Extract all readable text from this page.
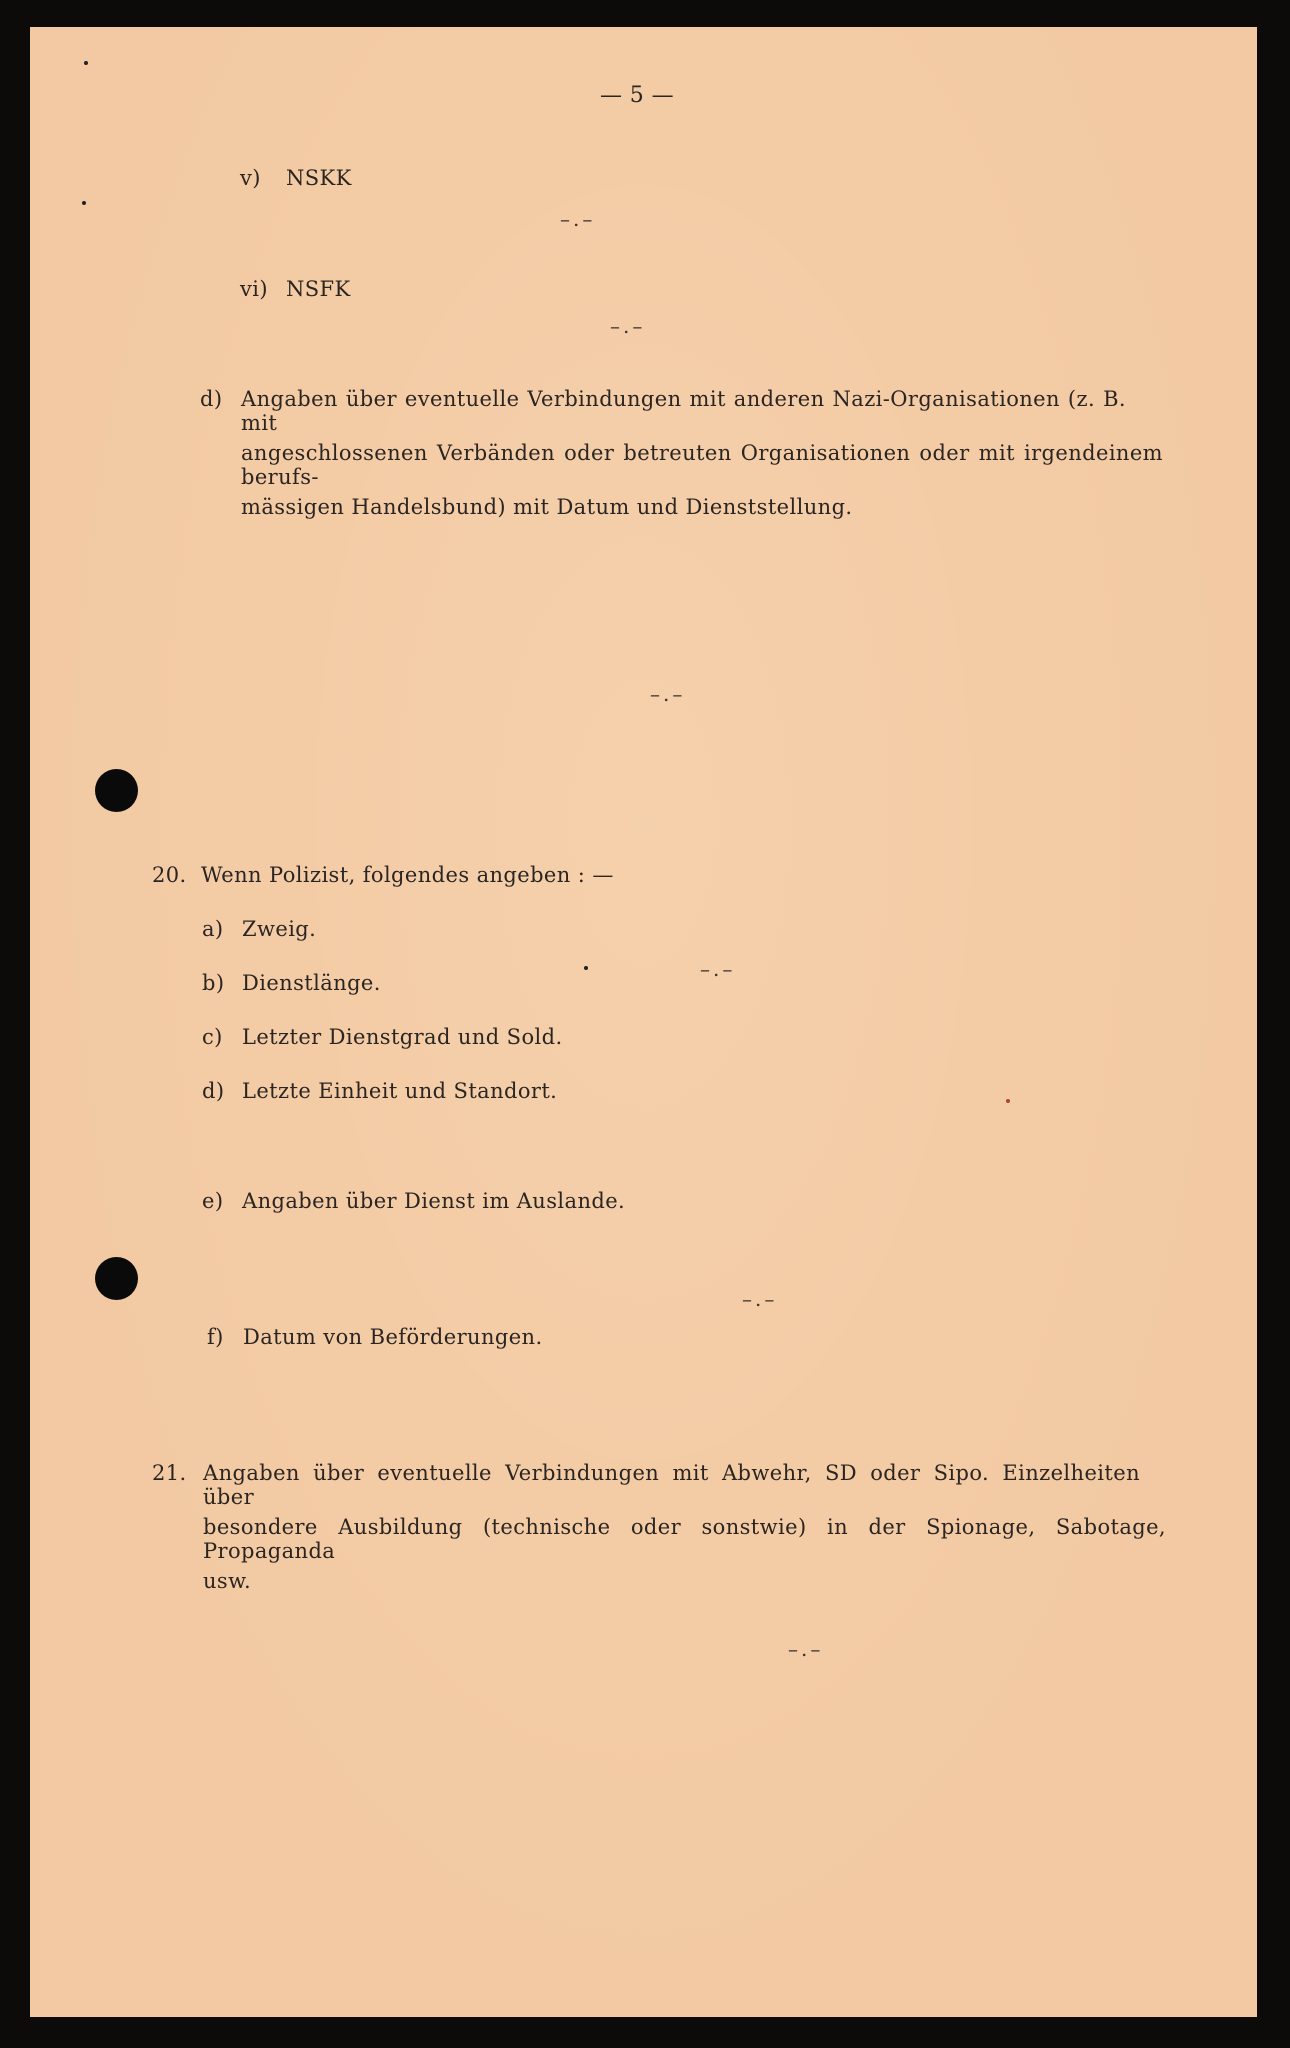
— 5 —
v) NSKK
–.–
vi) NSFK
–.–
d) Angaben über eventuelle Verbindungen mit anderen Nazi-Organisationen (z. B. mit
angeschlossenen Verbänden oder betreuten Organisationen oder mit irgendeinem berufs-
mässigen Handelsbund) mit Datum und Dienststellung.
–.–
20. Wenn Polizist, folgendes angeben : —
a) Zweig.
b) Dienstlänge.
–.–
c) Letzter Dienstgrad und Sold.
d) Letzte Einheit und Standort.
e) Angaben über Dienst im Auslande.
–.–
f) Datum von Beförderungen.
21. Angaben über eventuelle Verbindungen mit Abwehr, SD oder Sipo. Einzelheiten über
besondere Ausbildung (technische oder sonstwie) in der Spionage, Sabotage, Propaganda
usw.
–.–
